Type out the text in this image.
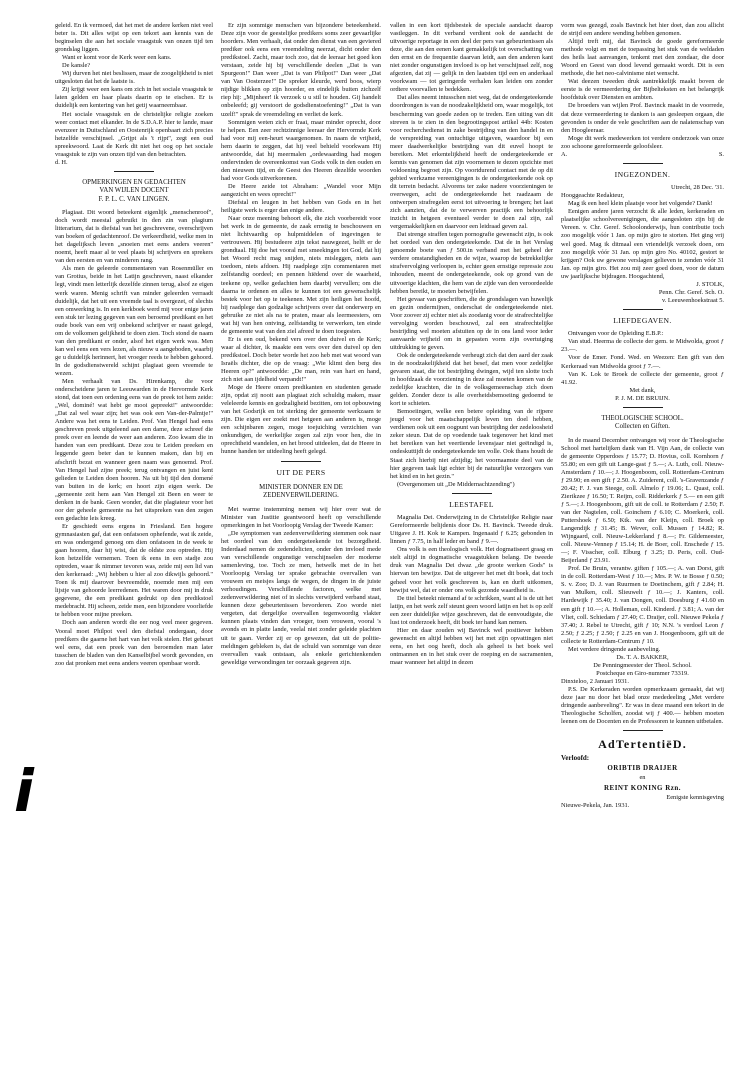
i

geleid. En ik vermoed, dat het met de andere kerken niet veel beter is. Dit alles wijst op een tekort aan kennis van de beginselen die aan het sociale vraagstuk van onzen tijd ten grondslag liggen.

Want er komt voor de Kerk weer een kans.

De kansle?

Wij durven het niet beslissen, maar de zoogelijkheid is niet uitgesloten dat het de laatste is.

Zij krijgt weer een kans om zich in het sociale vraagstuk te laten gelden en haar plaats daarin op te eischen. Er is duidelijk een kentering van het getij waarneembaar.

Het sociale vraagstuk en de christelijke religie zoeken weer contact met elkander. In de S.D.A.P. hier te lande, maar evenzeer in Duitschland en Oostenrijk openbaart zich precies hetzelfde verschijnsel. „Grijpt als 't rijpt", zegt een oud spreekwoord. Laat de Kerk dit niet het oog op het sociale vraagstuk te zijn van onzen tijd van den betrachten.

d. H.

OPMERKINGEN EN GEDACHTEN
VAN WIJLEN DOCENT
F. P. L. C. VAN LINGEN.

Plagiaat. Dit woord beteekent eigenlijk „menschenroof", doch wordt meestal gebruikt in den zin van plagium litterarium, dat is diefstal van het geschrevene, overschrijven van boeken of gedachtenroof. De verkeerdheid, welke men in het dagelijksch leven „snoeien met eens anders veeren" noemt, heeft maar al te veel plaats bij schrijvers en sprekers van den eersten en van minderen rang.

Als men de geleerde commentaren van Rosenmüller en van Grotius, beide in het Latijn geschreven, naast elkander legt, vindt men letterlijk dezelfde zinnen terug, alsof ze eigen werk waren. Menig schrift van minder geleerden verraadt duidelijk, dat het uit een vreemde taal is overgezet, of slechts een omwerking is. In een kerkboek werd mij voor enige jaren een stuk ter lezing gegeven van een beroemd predikant en het oude boek van een vrij onbekend schrijver er naast gelegd, om de volkomen gelijkheid te doen zien. Toch stond de naam van den predikant er onder, alsof het eigen werk was. Men kan wel eens een vers lezen, als nieuw u aangeboden, waarbij ge u duidelijk herinnert, het vroeger reeds te hebben gehoord. In de godsdienstwereld schijnt plagiaat geen vreemde te wezen.

Men verhaalt van Ds. Hirenkamp, die voor onderscheidene jaren te Leeuwarden in de Hervormde Kerk stond, dat toen een ordening eens van de preek tot hem zeide: „Wel, dominé! wat hebt ge mooi gepreekt!" antwoordde: „Dat zal wel waar zijn; het was ook een Van-der-Palmtje!" Andere was het eens te Leiden. Prof. Van Hengel had eens geschreven preek uitgeleend aan een dame, deze schreef die preek over en leende de weer aan anderen. Zoo kwam die in handen van een predikant. Deze zou te Leiden preeken en leggende geen beter dan te kunnen maken, dan bij en afschrift bezat en wanneer geen naam was genoemd. Prof. Van Hengel had zijne preek; terug ontvangen en juist kent gelieden te Leiden doen hooren. Na uit bij tijd den domené van buiten in de kerk; en hoort zijn eigen werk. De „gemeente zeit hem aan Van Hengel zit Been en weer te denken in de bank. Geen wonder, dat die plagiateur voor het oor der geheele gemeente na het uitspreken van den zegen een gedachte leis kreeg.

Er geschiedt eens ergens in Friesland. Een hogere gymnasiasten gaf, dat een onfatsoen ophefende, wat ik zeide, en was ondergend genoeg om dien onfatsoen in de week te gaan hooren, daar hij wist, dat de oldste zou optreden. Hij kon hetzelfde vernemen. Toen ik eens in een stadje zou optreden, waar ik nimmer tevoren was, zeide mij een lid van den kerkeraad: „Wij hebben u hier al zoo dikwijls gehoord." Toen ik mij daarover bevreemdde, noemde men mij een lijstje van gehoorde leerredenen. Het waren door mij in druk gegevene, die een predikant gedrukt op den predikstoel medebracht. Hij scheen, zeide men, een bijzondere voorliefde te hebben voor mijne preeken.

Doch aan anderen wordt die eer nog veel meer gegeven. Vooral moet Philpot veel den diefstal ondergaan, door predikers die gaarne het hart van het volk stelen. Het gebeurt wel eens, dat een preek van den beroemden man later tusschen de bladen van den Kanselbijbel wordt gevonden, en zoo dat pronken met eens anders veeren openbaar wordt.

Er zijn sommige menschen van bijzondere beteekenheid. Deze zijn voor de geestelijke predikers soms zeer gevaarlijke hoorders. Men verhaalt, dat onder den dienst van een geviered prediker ook eens een vreemdeling neerzat, dicht onder den predikstoel. Zacht, maar toch zoo, dat de leeraar het goed kon verstaan, zeide hij bij verschillende deelen „Dat is van Spurgeon!" Dan weer „Dat is van Philpot!" Dan weer „Dat van Van Oosterzee!" De spreker kleurde, werd boos, wierp nijdige blikken op zijn hoorder, en eindelijk buiten zichzelf riep hij: „Mijnheer! ik verzoek u u stil te houden. Gij handelt onbeleefd; gij verstoort de godsdienstoefening!" „Dat is van uzelf!" sprak de vreemdeling en verliet de kerk.

Sommigen weten zich er fraai, maar minder oprecht, door te helpen. Een zeer rechtzinnige leeraar der Hervormde Kerk had voor mij een-heurt waargenomen. In naam de vrijheid, hem daarin te zeggen, dat hij veel behield voorkwam Hij antwoordde, dat hij meermalen „ordewaarding had mogen ondervinden de overeenkomst van Gods volk in den ouden en den nieuwen tijd, en de Geest des Heeren dezelfde woorden had voor Gods uitverkorenen.

De Heere zeide tot Abraham: „Wandel voor Mijn aangezicht en wees oprecht!"

Diefstal en leugen in het hebben van Gods en in het heiligste werk is erger dan enige andere.

Naar onze meening behoort elk, die zich voorbereidt voor het werk in de gemeente, de zaak ernstig te beschouwen en niet lichtvaardig op hulpmiddelen of ingevingen te vertrouwen. Hij bestudeere zijn tekst nauwgezet, helft er de grondtaal. Hij doe het vooral met smeekingen tot God, dat hij het Woord recht mag snijden, niets misleggen, niets aan toedoen, niets afdoen. Hij raadplege zijn commentaren met zelfstandig oordeel; en pennen hiëdend over de waarheid, teekene op, welke gedachten hem daarbij vervullen; om die daarna te ordenen en alles te kunnen tot een gewenschelijk bestek voor het op te teekenen. Met zijn heiligen het hoofd, hij raadplege dan godzalige schrijvers over dat onderwerp en gebruike ze niet als na te praten, maar als leermeesters, om wat hij van hen ontving, zelfstandig te verwerken, ten einde de gemeente wat van den ziel afreed te doen toegesten.

Er is een oud, bekend vers over den duivel en de Kerk; waar al dichter, ik maakte een vers over den duivel op den predikstoel. Doch beter worde het zoo heb met wat woord van Israëls dichter, die op de vraag: „Wie klimt den berg des Heeren op?" antwoordde: „De man, rein van hart en hand, zich niet aan ijdelheid verpandt!"

Moge de Heere onzen predikanten en studenten genade zijn, opdat zij nooit aan plagiaat zich schuldig maken, maar veleleerde kennis en godzaligheid bezitten, om tot opbouwing van het Godsrijk en tot sterking der gemeente werkzaam te zijn. Die eigen eer zoekt met hetgeen aan anderen is, moge een schijnbaren zegen, moge toejuiching verzichten van onkundigen, de werkelijke zegen zal zijn voor hen, die in oprechtheid wandelen, en het brood uitdeelen, dat de Heere in hunne handen ter uitdeeling heeft gelegd.

UIT DE PERS
MINISTER DONNER EN DE
ZEDENVERWILDERING.

Met warme instemming nemen wij hier over wat de Minister van Justitie geantwoord heeft op verschillende opmerkingen in het Voorloopig Verslag der Tweede Kamer:

„De symptomen van zedenverwildering stemmen ook naar het oordeel van den ondergeteekende tot bezorgdheid. Inderdaad nemen de zedendelicten, onder den invloed mede van verschillende ongunstige verschijnselen der moderne samenleving, toe. Toch ze men, hetwelk met de in het Voorloopig Verslag ter sprake gebrachte overvallen van vrouwen en meisjes langs de wegen, de dingen in de juiste verhoudingen. Verschillende factoren, welke met zedenverwildering niet of in slechts verwijderd verband staat, kunnen deze gebeurtenissen bevorderen. Zoo worde niet vergeten, dat dergelijke overvallen tegenwoordig vlakter kunnen plaats vinden dan vroeger, toen vrouwen, vooral 's avonds en in platte lande, veelal niet zonder geleide plachten uit te gaan. Verder zij er op gewezen, dat uit de politie-meldingen gebleken is, dat de schuld van sommige van deze overvallen vaak ontstaan, als enkele gerichtenkenden geweldige verwondingen ter oorzaak gegeven zijn.

vallen in een kort tijdsbestek de speciale aandacht daarop vastleggen. In dit verband verdient ook de aandacht de uitvoerige reportage in een deel der pers van gebeurtenissen als deze, die aan den eenen kant gemakkelijk tot overschatting van den ernst en de frequentie daarvan leidt, aan den anderen kant niet zonder ongunstigen invloed is op het verschijnsel zelf, nog afgezien, dat zij — gelijk in den laatsten tijd een en anderkaal voorkwam — tot geringerde verhalen kan leiden om zonder ordtere voorvallen te bedekken.

Dat alles neemt intusschen niet weg, dat de ondergeteekende doordrongen is van de noodzakelijkheid om, waar mogelijk, tot bescherming van goede zeden op te treden. Een uiting van dit streven is te zien in den begrootingspost artikel 44b: Kosten voor recherchedienst in zake bestrijding van den handel in en de verspreiding van ontuchtige uitgaven, waardoor bij een meer daadwerkelijke bestrijding van dit euvel hoopt te bereiken. Met erkentelijkheid heeft de ondergeteekende er kennis van genomen dat zijn voornemen te dezen opzichte met voldoening begroet zijn. Op voortdurend contact met de op dit gebied werkzame vereenigingen is de ondergeteekende ook op dit terrein bedacht. Alvorens ter zake nadere voorzieningen te overwegen, acht de ondergeteekende het raadzaam de ontwerpen strafregelen eerst tot uitvoering te brengen; het laat zich aanzien, dat de te verwerven practijk een behoorlijk inzicht in hetgeen eventueel verder te doen zal zijn, zal vergemakkelijken en daarvoor een leidraad geven zal.

Dat strenge straffen tegen pornografie gewenscht zijn, is ook het oordeel van den ondergeteekende. Dat de in het Verslag genoemde boete van ƒ 500.in verband met het geheel der verdere omstandigheden en de wijze, waarop de betrekkelijke strafvervolging verloopen is, echter geen ernstige repressie zou inhouden, meent de ondergeteekende, ook op grond van de uitvoerige klachten, die hem van de zijde van den veroordeelde hebben bereikt, te moeten betwijfelen.

Het gevaar van geschriften, die de grondslagen van huwelijk en gezin ondermijnen, onderschat de ondergeteekende niet. Voor zoover zij echter niet als zoodanig voor de strafrechtelijke vervolging worden beschouwd, zal een strafrechtelijke bestrijding wel moeten afstuiten op de in ons land voor ieder aanvaarde vrijheid om in gepasten vorm zijn overtuiging uitdrukking te geven.

Ook de ondergeteekende verheugt zich dat den aard der zaak in de noodzakelijkheid dat het besef, dat men voor zedelijke gevaren staat, die tot bestrijding dwingen, wijd ten slotte toch in hoofdzaak de voorziening in deze zal moeten komen van de zedelijke krachten, die in de volksgemeenschap zich doen gelden. Zonder deze is alle overheidsbemoeiing gedoemd te kort te schieten.

Bemoeiingen, welke een betere opleiding van de rijpere jeugd voor het maatschappelijk leven ten doel hebben, verdienen ook uit een oogpunt van bestrijding der zedeloosheid zeker steun. Dat de op voedende taak tegenover het kind met het bereiken van het veertiende levensjaar niet geëindigd is, ondeskuttijdt de ondergeteekende ten volle. Ook thans houdt de Staat zich hierbij niet afzijdig; het voornaamste deel van de hier gegeven taak ligt echter bij de natuurlijke verzorgers van het kind en in het gezin."

(Overgenomen uit „De Middernachtzending")

LEESTAFEL

Magnalia Dei. Onderwijzing in de Christelijke Religie naar Gereformeerde belijdenis door Ds. H. Bavinck. Tweede druk. Uitgave J. H. Kok te Kampen. Ingenaaid ƒ 6.25; gebonden in linnen ƒ 7.75, in half leder en band ƒ 9.—.

Ons volk is een theologisch volk. Het dogmatiseert graag en stelt altijd in dogmatische vraagstukken belang. De tweede druk van Magnalia Dei dwaz „de groote werken Gods" is hiervan ten bewijze. Dat de uitgever het met dit boek, dat toch geheel voor het volk geschreven is, kan en durft uitkomen, bewijst wel, dat er onder ons volk gezonde waardheid is.

De titel beteekt niemand af te schrikken, want al is de uit het latijn, en het werk zelf steunt geen woord latijn en het is op zelf een zeer duidelijke wijze geschreven, dat de eenvoudigste, die lust tot onderzoek heeft, dit boek ter hand kan nemen.

Hier en daar zouden wij Bavinck wel positiever hebben gewenscht en altijd hebben wij het met zijn opvattingen niet eens, en het oog heeft, doch als geheel is het boek wel ontmannen en in het stuk over de roeping en de sacramenten, maar wanneer het altijd in dezen

vorm was gezegd, zoals Bavinck het hier doet, dan zou allicht de strijd een andere wending hebben genomen.

Altijd treft mij, dat Bavinck de goede gereformeerde methode volgt en met de toepassing het stuk van de weldaden des heils laat aanvangen, tenkent met den zondaar, die door Woord en Geest van dood levend gemaakt wordt. Dit is een methode, die het neo-calvinisme niet wenscht.

Wat deezen tweeden druk aantrekkelijk maakt boven de eerste is de vermeerdering der Bijbelteksten en het belangrijk hoofdstuk over Diensten en ambten.

De broeders van wijlen Prof. Bavinck maakt in de voorrede, dat deze vermeerdering te danken is aan gesleepen orgaan, die gevonden is onder de vele geschriften aan de nalatenschap van den Hoogleeraar.

Moge dit werk medewerken tot verdere onderzoek van onze zoo schoone gereformeerde geloofsleer.

A.	S.
INGEZONDEN.

Utrecht, 28 Dec. '31.

Hooggeachte Redakteur,

Mag ik een heel klein plaatsje voor het volgende? Dank!

Eenigen andere jaren verzocht ik alle leden, kerkeraden en plaatselijke schoolvereenigingen, die aangesloten zijn bij de Vereen. v. Chr. Geref. Schoolonderwijs, hun contributie toch zoo mogelijk vóór 1 Jan. op mijn giro te storten. Het ging vrij wel goed. Mag ik ditmaal een vriendelijk verzoek doen, om zoo mogelijk vóór 31 Jan. op mijn giro No. 40102, gestort te krijgen? Ook uw gewone verslagen gelieven te zenden vóór 31 Jan. op mijn giro. Het zou mij zeer goed doen, voor de datum uw jaarlijksche bijdragen. Hoogachtend,

J. STOLK,

Penn. Chr. Geref. Sch. O.

v. Leeuwenhoekstraat 5.

LIEFDEGAVEN.

Ontvangen voor de Opleiding E.B.P.:

Van stud. Heerma de collecte der gem. te Midwolda, groot ƒ 23.—.

Voor de Emer. Fond. Wed. en Weezen: Een gift van den Kerkeraad van Midwolda groot ƒ 7.—.

Van K. Lok te Broek de collecte der gemeente, groot ƒ 41.92.

Met dank,

P. J. M. DE BRUIJN.

THEOLOGISCHE SCHOOL.
Collecten en Giften.

In de maand December ontvangen wij voor de Theologische School met hartelijken dank van H. Vijn Aan, de collecte van de gemeente Opperdoes ƒ 15.77; D. Hovius, coll. Kornhorn ƒ 55.80; en een gift uit Lange-gast ƒ 5.—; A. Luth, coll. Nieuw-Amsterdam ƒ 10.—; J. Hoogenboom, coll. Rotterdam-Centrum ƒ 29.90; en een gift ƒ 2.50. A. Zuiderent, coll. 's-Gravenzande ƒ 20.42; F. J. van Steege, coll. Almelo ƒ 19.06; L. Quast, coll. Zierikzee ƒ 16.50; T. Reijm, coll. Ridderkerk ƒ 5.— en een gift ƒ 5.—; J. Hoogenboom, gift uit de coll. te Rotterdam ƒ 2.50; F. van der Nagtelen, coll. Goinchem ƒ 6.10; C. Moerkerk, coll. Puttershoek ƒ 6.50; Ktk. van der Kleijn, coll. Broek op Langendijk ƒ 31.45; B. Wever, coll. Mussen ƒ 14.82; R. Wijngaard, coll. Nieuw-Lekkerland ƒ 8.—; Fr. Gildemeester, coll. Nieuw-Vennep ƒ 15.14; H. de Boer, coll. Enschede ƒ 15.—; F. Visscher, coll. Elburg ƒ 3.25; D. Peris, coll. Oud-Beijerland ƒ 23.91.

Prof. De Bruin, verantw. giften ƒ 105.—; A. van Dorst, gift in de coll. Rotterdam-West ƒ 10.—; Mrs. P. W. te Bosse ƒ 0.50; S. v. Zoo; D. J. van Ruurmen te Doetinchem, gift ƒ 2.84; H. van Mulken, coll. Slieuwelt ƒ 10.—; J. Kanters, coll. Hardewijk ƒ 35.40; J. van Dongen, coll. Doesburg ƒ 41.60 en een gift ƒ 10.—; A. Holleman, coll. Kinderd. ƒ 3.81; A. van der Vliet, coll. Schiedam ƒ 27.40; C. Draijer, coll. Nieuwe Pekela ƒ 37.40; J. Rebel te Utrecht, gift ƒ 10; N.N. 's verdoel Leon ƒ 2.50; ƒ 2.25; ƒ 2.50; ƒ 2.25 en van J. Hoogenboom, gift uit de collecte te Rotterdam-Centrum ƒ 10.

Met verdere dringende aanbeveling.

Ds. T. A. BAKKER,

De Penningmeester der Theol. School.

Postcheque en Giro-nummer 73319.

Dinxteloo, 2 Januari 1931.

P.S. De Kerkeraden worden opmerkzaam gemaakt, dat wij deze jaar nu door het blad onze mededeeling „Met verdere dringende aanbeveling". Er was in deze maand een tekort in de Theologische Scholfen, zoodat wij ƒ 400.— hebben moeten leenen om de Docenten en de Professoren te kunnen uitbetalen.

AdTertentiëD.
Verloofd:
ORIBTIB DRAIJER
en
REINT KONING Rzn.
Eenigste kennisgeving
Nieuwe-Pekela, Jan. 1931.
